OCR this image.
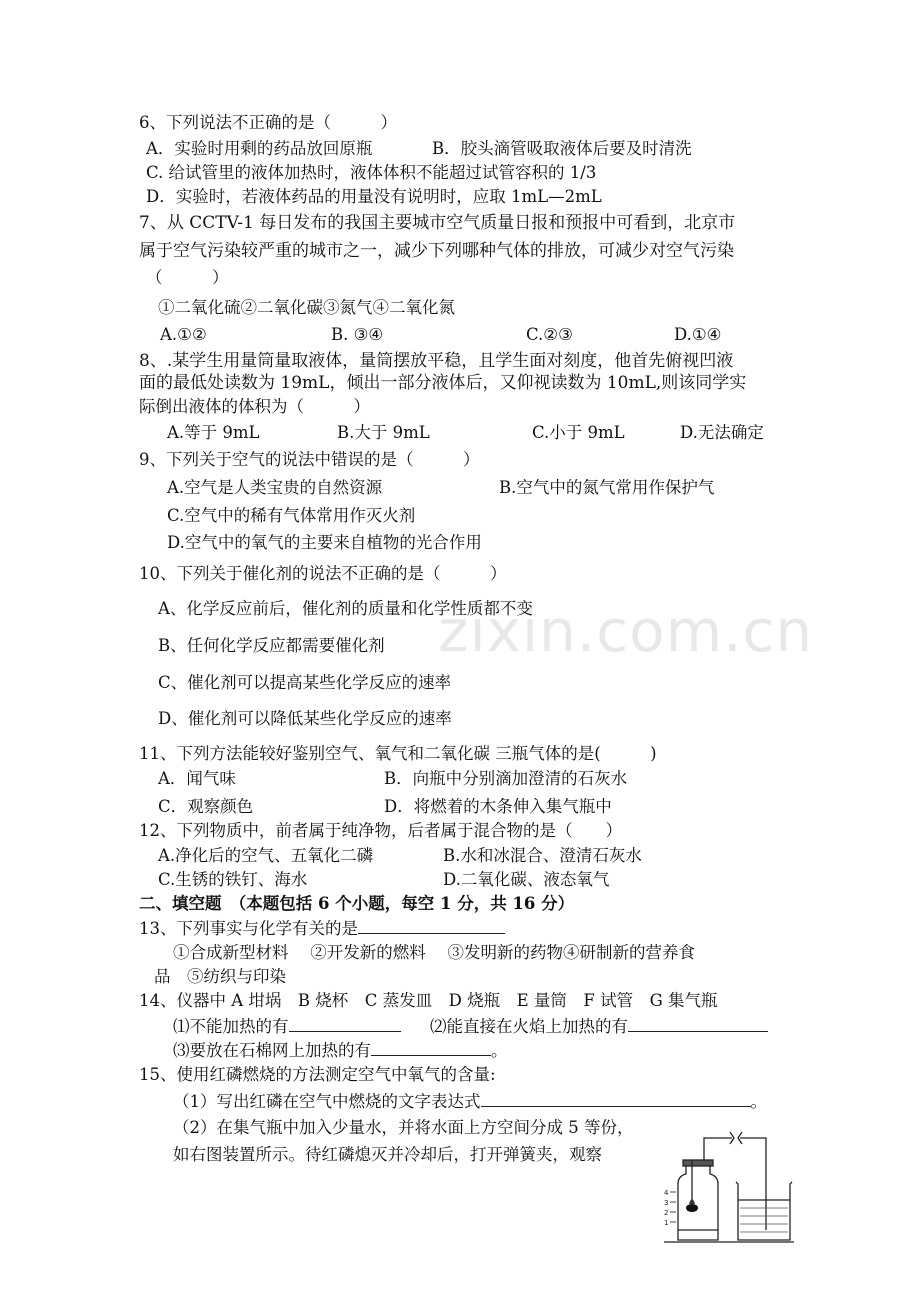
zixin.com.cn
6、下列说法不正确的是（　　　）
A．实验时用剩的药品放回原瓶	B．胶头滴管吸取液体后要及时清洗
C. 给试管里的液体加热时，液体体积不能超过试管容积的 1/3
D．实验时，若液体药品的用量没有说明时，应取 1mL—2mL
7、从 CCTV-1 每日发布的我国主要城市空气质量日报和预报中可看到，北京市
属于空气污染较严重的城市之一，减少下列哪种气体的排放，可减少对空气污染
（　　　）
①二氧化硫②二氧化碳③氮气④二氧化氮
A.①②	B. ③④	C.②③	D.①④
8、.某学生用量筒量取液体，量筒摆放平稳，且学生面对刻度，他首先俯视凹液
面的最低处读数为 19mL，倾出一部分液体后，又仰视读数为 10mL,则该同学实
际倒出液体的体积为（　　　）
A.等于 9mL	B.大于 9mL	C.小于 9mL	D.无法确定
9、下列关于空气的说法中错误的是（　　　）
A.空气是人类宝贵的自然资源	B.空气中的氮气常用作保护气
C.空气中的稀有气体常用作灭火剂
D.空气中的氧气的主要来自植物的光合作用
10、下列关于催化剂的说法不正确的是（　　　）
A、化学反应前后，催化剂的质量和化学性质都不变
B、任何化学反应都需要催化剂
C、催化剂可以提高某些化学反应的速率
D、催化剂可以降低某些化学反应的速率
11、下列方法能较好鉴别空气、氧气和二氧化碳 三瓶气体的是(　　　)
A．闻气味	B．向瓶中分别滴加澄清的石灰水
C．观察颜色	D．将燃着的木条伸入集气瓶中
12、下列物质中，前者属于纯净物，后者属于混合物的是（　　）
A.净化后的空气、五氧化二磷	B.水和冰混合、澄清石灰水
C.生锈的铁钉、海水	D.二氧化碳、液态氧气
二、填空题　（本题包括 6 个小题，每空 1 分，共 16 分）
13、下列事实与化学有关的是
①合成新型材料　 ②开发新的燃料　 ③发明新的药物④研制新的营养食
品　⑤纺织与印染
14、仪器中 A 坩埚　B 烧杯　C 蒸发皿　D 烧瓶　E 量筒　F 试管　G 集气瓶
⑴不能加热的有	⑵能直接在火焰上加热的有
⑶要放在石棉网上加热的有	。
15、使用红磷燃烧的方法测定空气中氧气的含量:
（1）写出红磷在空气中燃烧的文字表达式	。
（2）在集气瓶中加入少量水，并将水面上方空间分成 5 等份，
如右图装置所示。待红磷熄灭并冷却后，打开弹簧夹，观察
4
3
2
1
